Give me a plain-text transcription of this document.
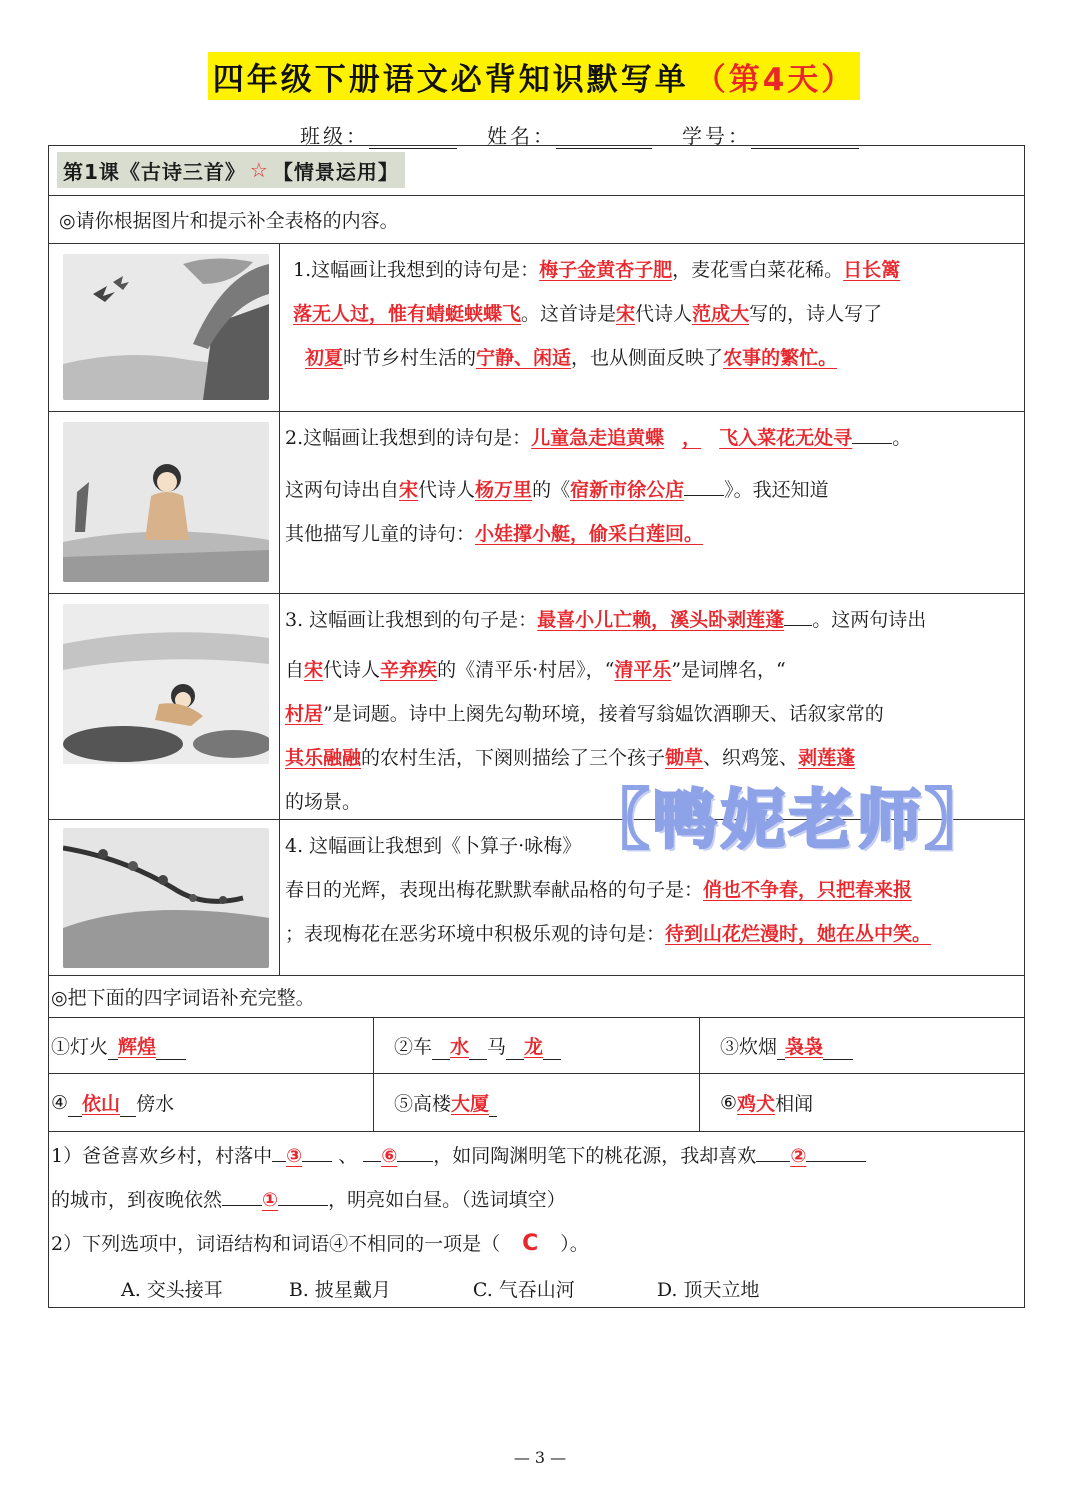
四年级下册语文必背知识默写单 （第4天）
班级：	姓名：	学号：
第1课《古诗三首》 ☆ 【情景运用】
◎请你根据图片和提示补全表格的内容。
1.这幅画让我想到的诗句是：梅子金黄杏子肥，麦花雪白菜花稀。日长篱
落无人过，惟有蜻蜓蛱蝶飞。这首诗是宋代诗人范成大写的，诗人写了
初夏时节乡村生活的宁静、闲适，也从侧面反映了农事的繁忙。
2.这幅画让我想到的诗句是：儿童急走追黄蝶 ， 飞入菜花无处寻 。
这两句诗出自宋代诗人杨万里的《宿新市徐公店 》。我还知道
其他描写儿童的诗句：小娃撑小艇，偷采白莲回。
3. 这幅画让我想到的句子是：最喜小儿亡赖，溪头卧剥莲蓬 。这两句诗出
自宋代诗人辛弃疾的《清平乐·村居》，“清平乐”是词牌名，“
村居”是词题。诗中上阕先勾勒环境，接着写翁媪饮酒聊天、话叙家常的
其乐融融的农村生活，下阕则描绘了三个孩子锄草、织鸡笼、剥莲蓬
的场景。
4. 这幅画让我想到《卜算子·咏梅》
春日的光辉，表现出梅花默默奉献品格的句子是：俏也不争春，只把春来报
；表现梅花在恶劣环境中积极乐观的诗句是：待到山花烂漫时，她在丛中笑。
◎把下面的四字词语补充完整。
①灯火 辉煌	②车 水 马 龙	③炊烟 袅袅
④ 依山 傍水	⑤高楼 大厦	⑥ 鸡犬 相闻
1）爸爸喜欢乡村，村落中 ③ 、 ⑥ ，如同陶渊明笔下的桃花源，我却喜欢 ②
的城市，到夜晚依然 ①	，明亮如白昼。（选词填空）
2）下列选项中，词语结构和词语④不相同的一项是（ C ）。
A. 交头接耳	B. 披星戴月	C. 气吞山河	D. 顶天立地
【鸭妮老师】
— 3 —
